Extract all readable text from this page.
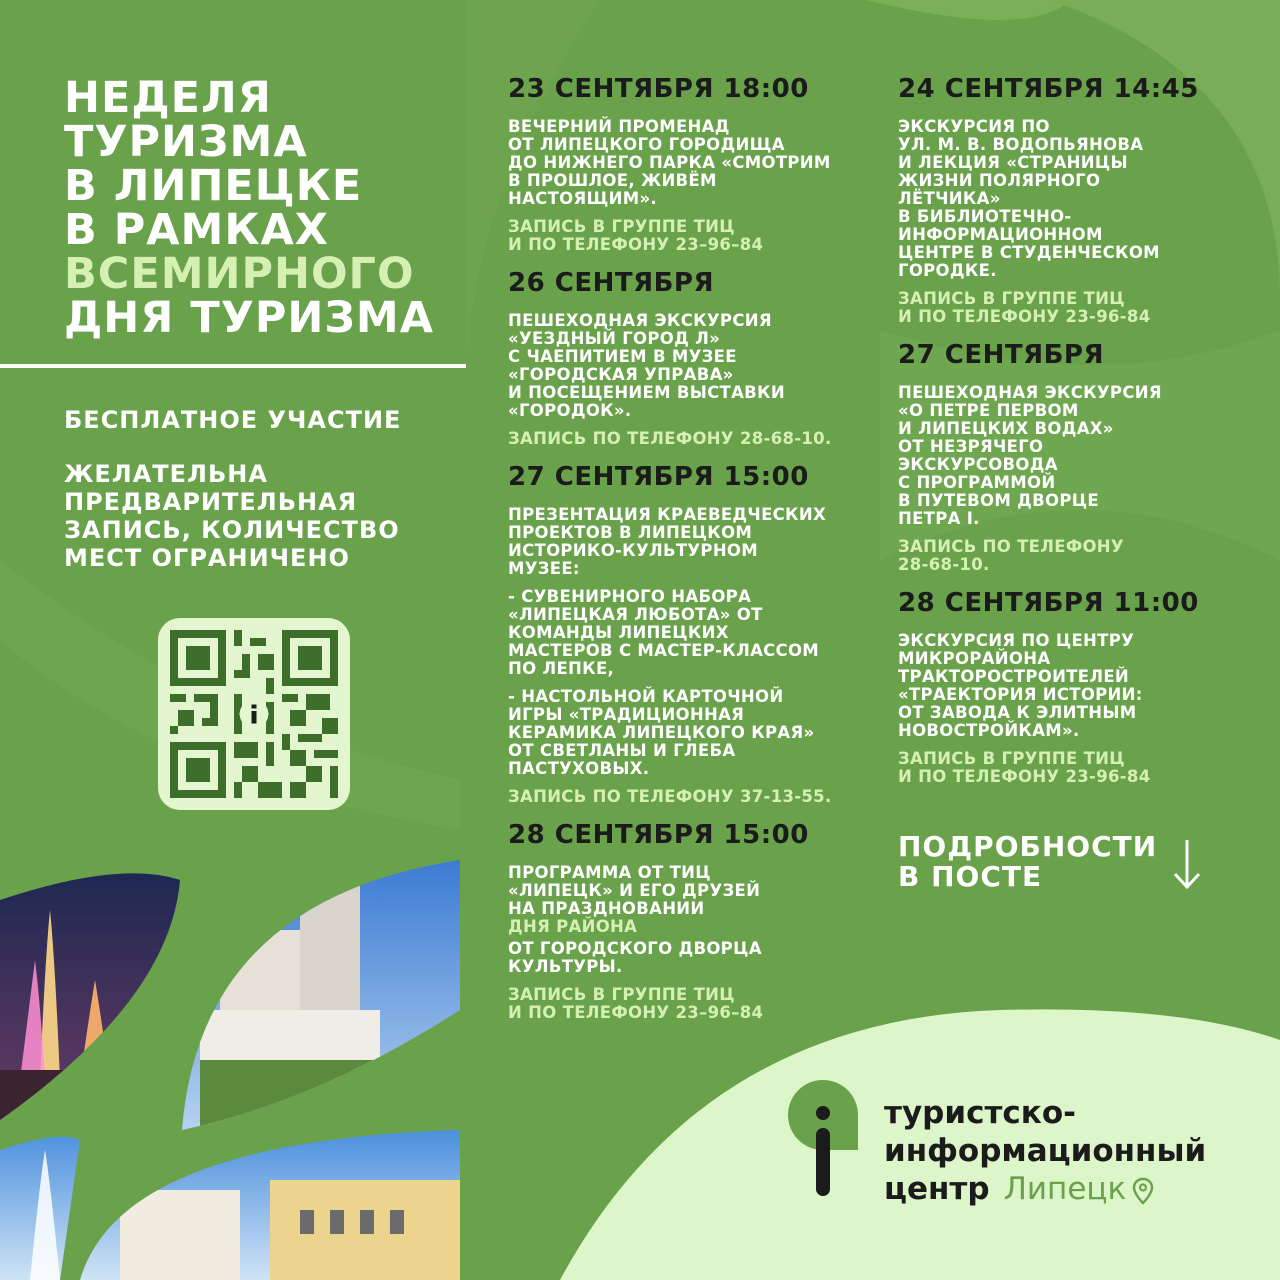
НЕДЕЛЯ
ТУРИЗМА
В ЛИПЕЦКЕ
В РАМКАХ
ВСЕМИРНОГО
ДНЯ ТУРИЗМА
БЕСПЛАТНОЕ УЧАСТИЕ
ЖЕЛАТЕЛЬНА ПРЕДВАРИТЕЛЬНАЯ ЗАПИСЬ, КОЛИЧЕСТВО МЕСТ ОГРАНИЧЕНО
23 СЕНТЯБРЯ 18:00
ВЕЧЕРНИЙ ПРОМЕНАД
ОТ ЛИПЕЦКОГО ГОРОДИЩА
ДО НИЖНЕГО ПАРКА «СМОТРИМ
В ПРОШЛОЕ, ЖИВЁМ
НАСТОЯЩИМ».
ЗАПИСЬ В ГРУППЕ ТИЦ
И ПО ТЕЛЕФОНУ 23–96–84
26 СЕНТЯБРЯ
ПЕШЕХОДНАЯ ЭКСКУРСИЯ
«УЕЗДНЫЙ ГОРОД Л»
С ЧАЕПИТИЕМ В МУЗЕЕ
«ГОРОДСКАЯ УПРАВА»
И ПОСЕЩЕНИЕМ ВЫСТАВКИ
«ГОРОДОК».
ЗАПИСЬ ПО ТЕЛЕФОНУ 28-68-10.
27 СЕНТЯБРЯ 15:00
ПРЕЗЕНТАЦИЯ КРАЕВЕДЧЕСКИХ
ПРОЕКТОВ В ЛИПЕЦКОМ
ИСТОРИКО-КУЛЬТУРНОМ
МУЗЕЕ:
- СУВЕНИРНОГО НАБОРА
«ЛИПЕЦКАЯ ЛЮБОТА» ОТ
КОМАНДЫ ЛИПЕЦКИХ
МАСТЕРОВ С МАСТЕР-КЛАССОМ
ПО ЛЕПКЕ,
- НАСТОЛЬНОЙ КАРТОЧНОЙ
ИГРЫ «ТРАДИЦИОННАЯ
КЕРАМИКА ЛИПЕЦКОГО КРАЯ»
ОТ СВЕТЛАНЫ И ГЛЕБА
ПАСТУХОВЫХ.
ЗАПИСЬ ПО ТЕЛЕФОНУ 37-13-55.
28 СЕНТЯБРЯ 15:00
ПРОГРАММА ОТ ТИЦ
«ЛИПЕЦК» И ЕГО ДРУЗЕЙ
НА ПРАЗДНОВАНИИ
ДНЯ РАЙОНА
ОТ ГОРОДСКОГО ДВОРЦА
КУЛЬТУРЫ.
ЗАПИСЬ В ГРУППЕ ТИЦ
И ПО ТЕЛЕФОНУ 23–96–84
24 СЕНТЯБРЯ 14:45
ЭКСКУРСИЯ ПО
УЛ. М. В. ВОДОПЬЯНОВА
И ЛЕКЦИЯ «СТРАНИЦЫ
ЖИЗНИ ПОЛЯРНОГО
ЛЁТЧИКА»
В БИБЛИОТЕЧНО-
ИНФОРМАЦИОННОМ
ЦЕНТРЕ В СТУДЕНЧЕСКОМ
ГОРОДКЕ.
ЗАПИСЬ В ГРУППЕ ТИЦ
И ПО ТЕЛЕФОНУ 23-96-84
27 СЕНТЯБРЯ
ПЕШЕХОДНАЯ ЭКСКУРСИЯ
«О ПЕТРЕ ПЕРВОМ
И ЛИПЕЦКИХ ВОДАХ»
ОТ НЕЗРЯЧЕГО
ЭКСКУРСОВОДА
С ПРОГРАММОЙ
В ПУТЕВОМ ДВОРЦЕ
ПЕТРА I.
ЗАПИСЬ ПО ТЕЛЕФОНУ
28-68-10.
28 СЕНТЯБРЯ 11:00
ЭКСКУРСИЯ ПО ЦЕНТРУ
МИКРОРАЙОНА
ТРАКТОРОСТРОИТЕЛЕЙ
«ТРАЕКТОРИЯ ИСТОРИИ:
ОТ ЗАВОДА К ЭЛИТНЫМ
НОВОСТРОЙКАМ».
ЗАПИСЬ В ГРУППЕ ТИЦ
И ПО ТЕЛЕФОНУ 23-96-84
ПОДРОБНОСТИ
В ПОСТЕ
туристско-
информационный
центр Липецк
